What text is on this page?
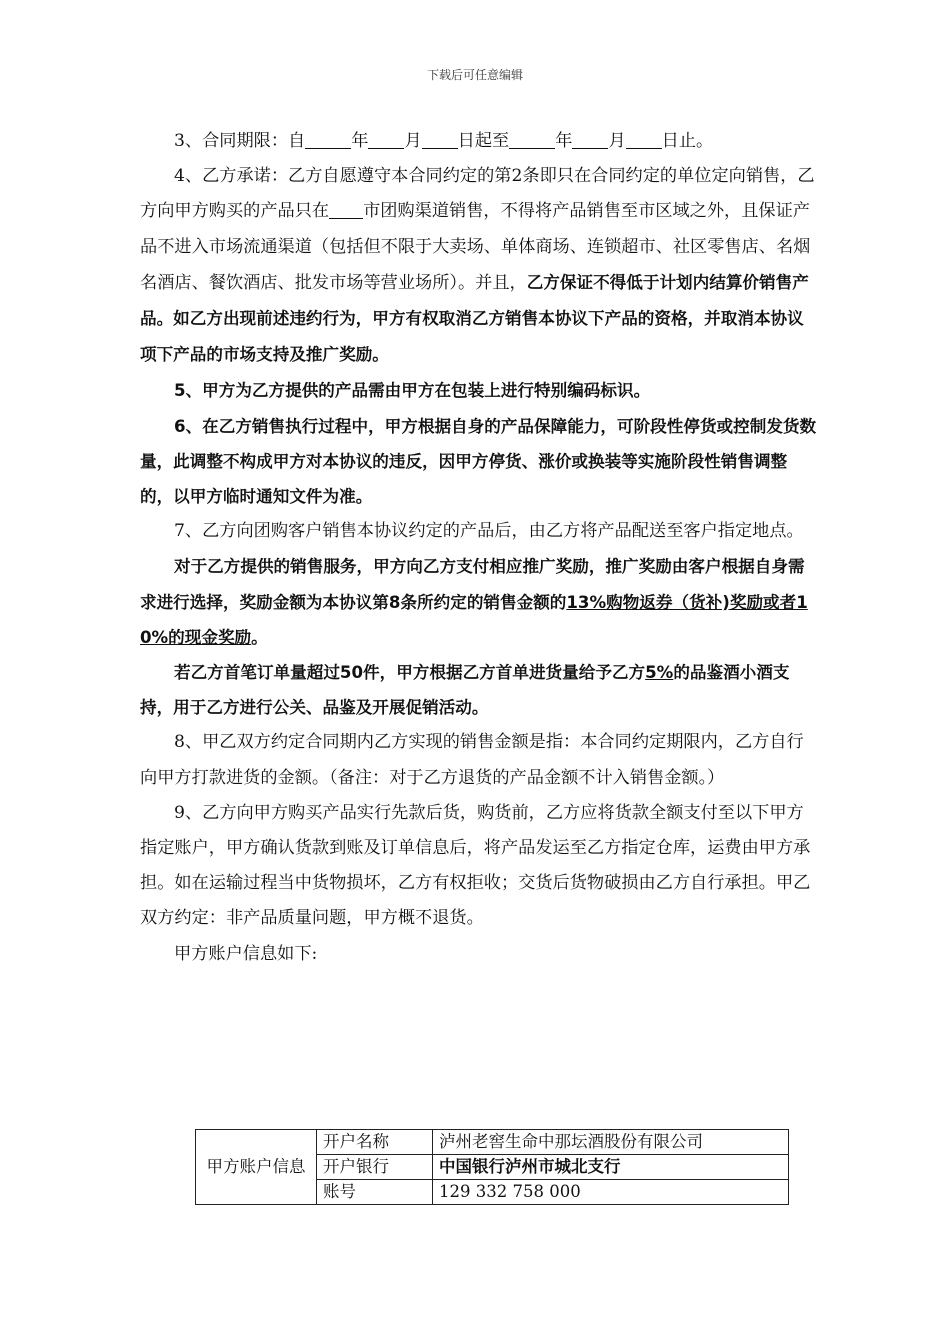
下载后可任意编辑

3、合同期限：自	年 月 日起至	年 月 日止。

4、乙方承诺：乙方自愿遵守本合同约定的第2条即只在合同约定的单位定向销售，乙方向甲方购买的产品只在 市团购渠道销售，不得将产品销售至市区域之外，且保证产品不进入市场流通渠道（包括但不限于大卖场、单体商场、连锁超市、社区零售店、名烟名酒店、餐饮酒店、批发市场等营业场所）。并且，乙方保证不得低于计划内结算价销售产品。如乙方出现前述违约行为，甲方有权取消乙方销售本协议下产品的资格，并取消本协议项下产品的市场支持及推广奖励。

5、甲方为乙方提供的产品需由甲方在包装上进行特别编码标识。

6、在乙方销售执行过程中，甲方根据自身的产品保障能力，可阶段性停货或控制发货数量，此调整不构成甲方对本协议的违反，因甲方停货、涨价或换装等实施阶段性销售调整的，以甲方临时通知文件为准。

7、乙方向团购客户销售本协议约定的产品后，由乙方将产品配送至客户指定地点。

对于乙方提供的销售服务，甲方向乙方支付相应推广奖励，推广奖励由客户根据自身需求进行选择，奖励金额为本协议第8条所约定的销售金额的13%购物返券（货补)奖励或者10%的现金奖励。

若乙方首笔订单量超过50件，甲方根据乙方首单进货量给予乙方5%的品鉴酒小酒支持，用于乙方进行公关、品鉴及开展促销活动。

8、甲乙双方约定合同期内乙方实现的销售金额是指：本合同约定期限内，乙方自行向甲方打款进货的金额。（备注：对于乙方退货的产品金额不计入销售金额。）

9、乙方向甲方购买产品实行先款后货，购货前，乙方应将货款全额支付至以下甲方指定账户，甲方确认货款到账及订单信息后，将产品发运至乙方指定仓库，运费由甲方承担。如在运输过程当中货物损坏，乙方有权拒收；交货后货物破损由乙方自行承担。甲乙双方约定：非产品质量问题，甲方概不退货。

甲方账户信息如下:

甲方账户信息	开户名称	泸州老窖生命中那坛酒股份有限公司
	开户银行	中国银行泸州市城北支行
	账号	129 332 758 000
